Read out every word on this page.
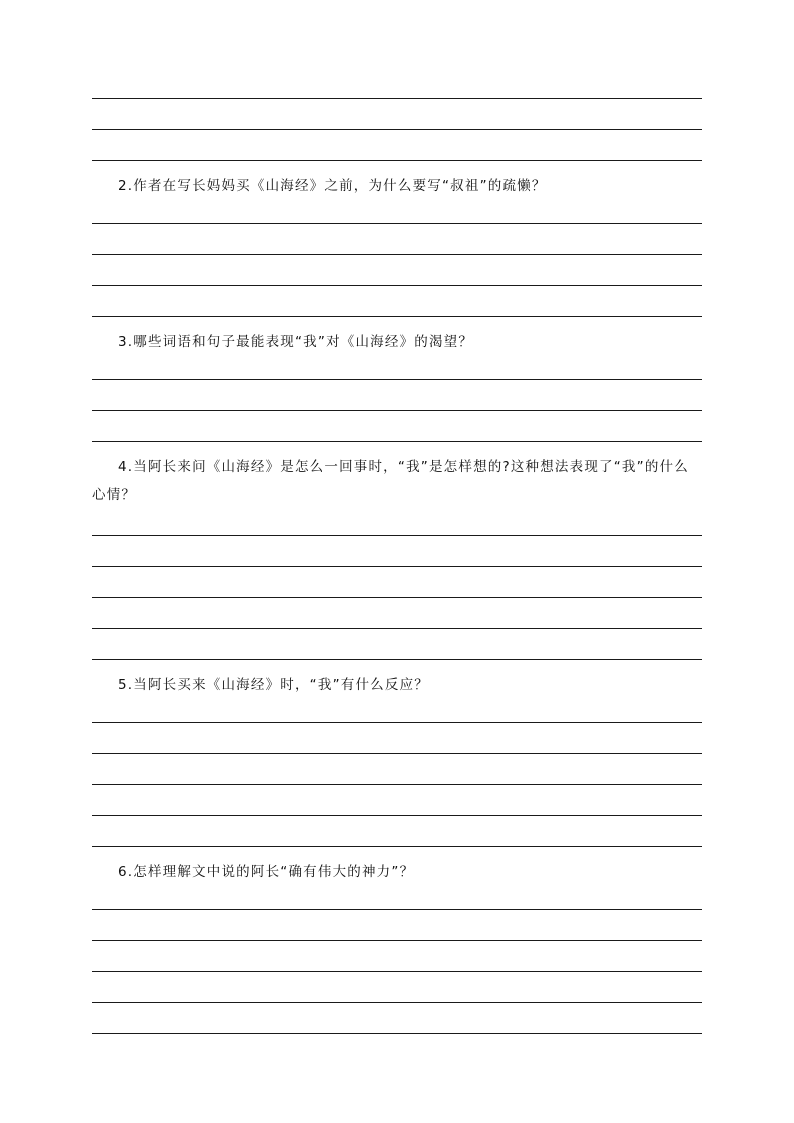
2.作者在写长妈妈买《山海经》之前，为什么要写“叔祖”的疏懒？
3.哪些词语和句子最能表现“我”对《山海经》的渴望？
4.当阿长来问《山海经》是怎么一回事时，“我”是怎样想的?这种想法表现了“我”的什么心情？
5.当阿长买来《山海经》时，“我”有什么反应？
6.怎样理解文中说的阿长“确有伟大的神力”？
